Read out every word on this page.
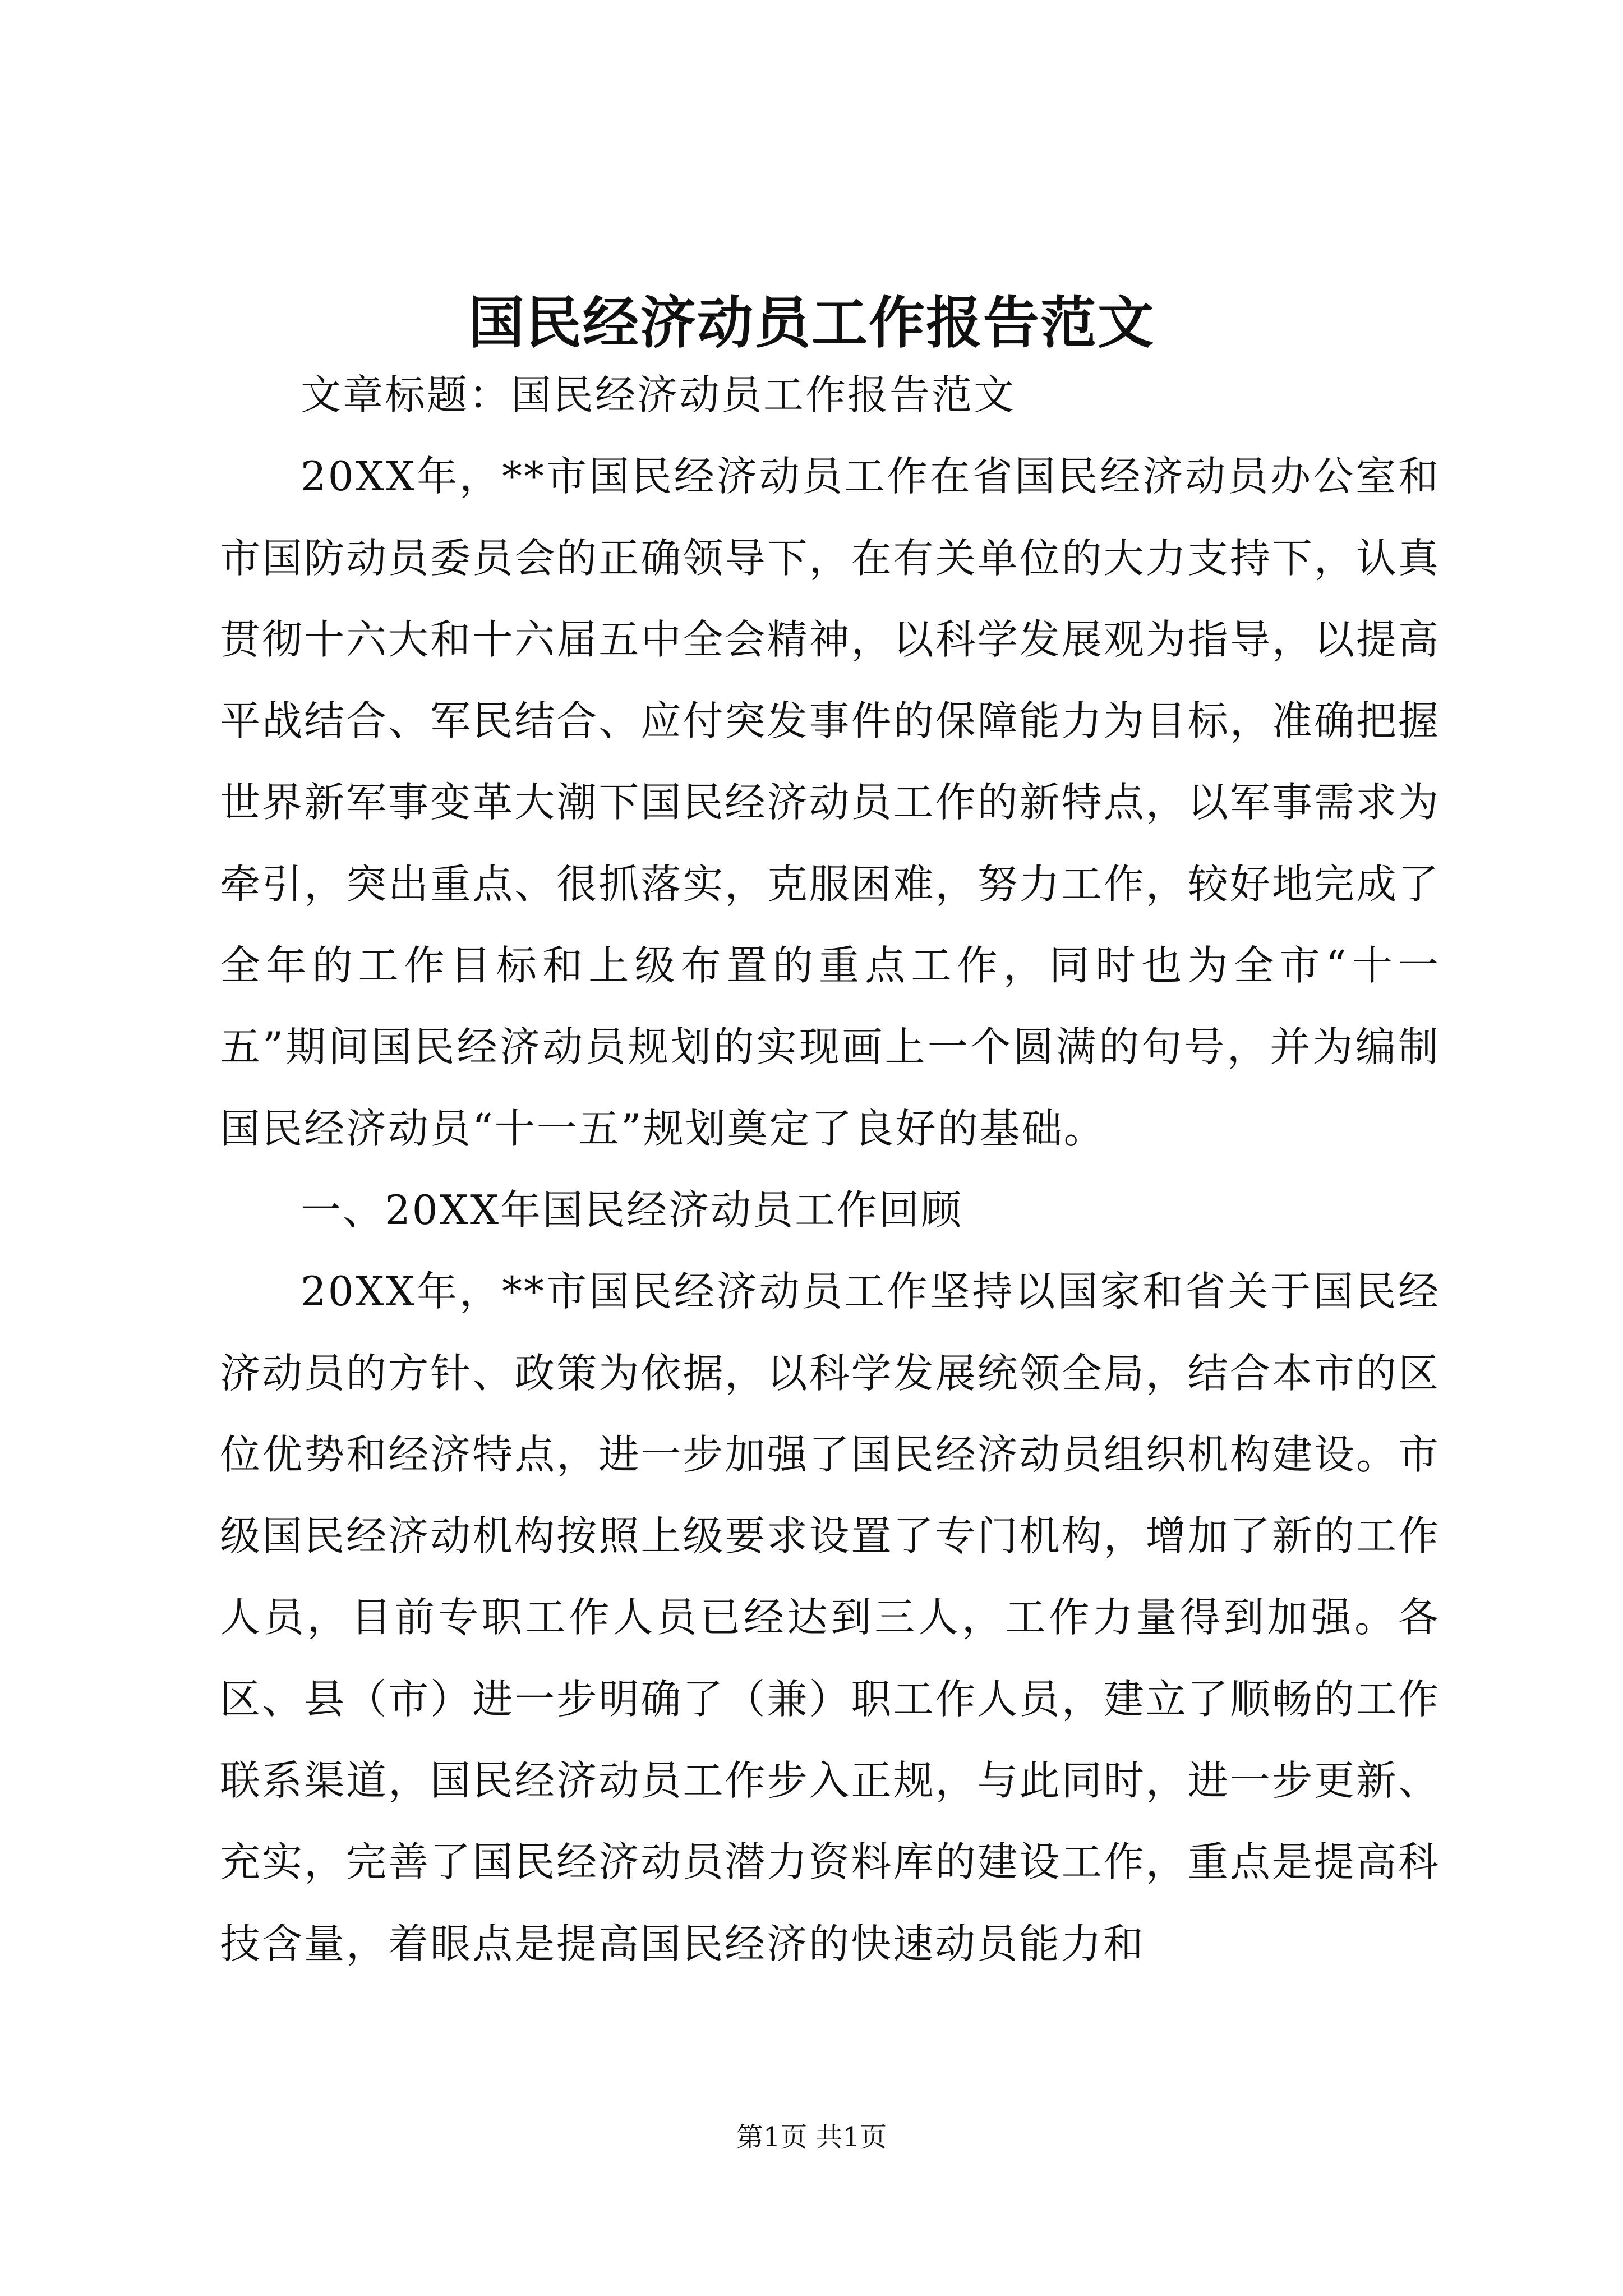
国民经济动员工作报告范文

文章标题：国民经济动员工作报告范文

20XX年，**市国民经济动员工作在省国民经济动员办公室和市国防动员委员会的正确领导下，在有关单位的大力支持下，认真贯彻十六大和十六届五中全会精神，以科学发展观为指导，以提高平战结合、军民结合、应付突发事件的保障能力为目标，准确把握世界新军事变革大潮下国民经济动员工作的新特点，以军事需求为牵引，突出重点、很抓落实，克服困难，努力工作，较好地完成了全年的工作目标和上级布置的重点工作，同时也为全市“十一五”期间国民经济动员规划的实现画上一个圆满的句号，并为编制国民经济动员“十一五”规划奠定了良好的基础。

一、20XX年国民经济动员工作回顾

20XX年，**市国民经济动员工作坚持以国家和省关于国民经济动员的方针、政策为依据，以科学发展统领全局，结合本市的区位优势和经济特点，进一步加强了国民经济动员组织机构建设。市级国民经济动机构按照上级要求设置了专门机构，增加了新的工作人员，目前专职工作人员已经达到三人，工作力量得到加强。各区、县（市）进一步明确了（兼）职工作人员，建立了顺畅的工作联系渠道，国民经济动员工作步入正规，与此同时，进一步更新、充实，完善了国民经济动员潜力资料库的建设工作，重点是提高科技含量，着眼点是提高国民经济的快速动员能力和

第1页 共1页
